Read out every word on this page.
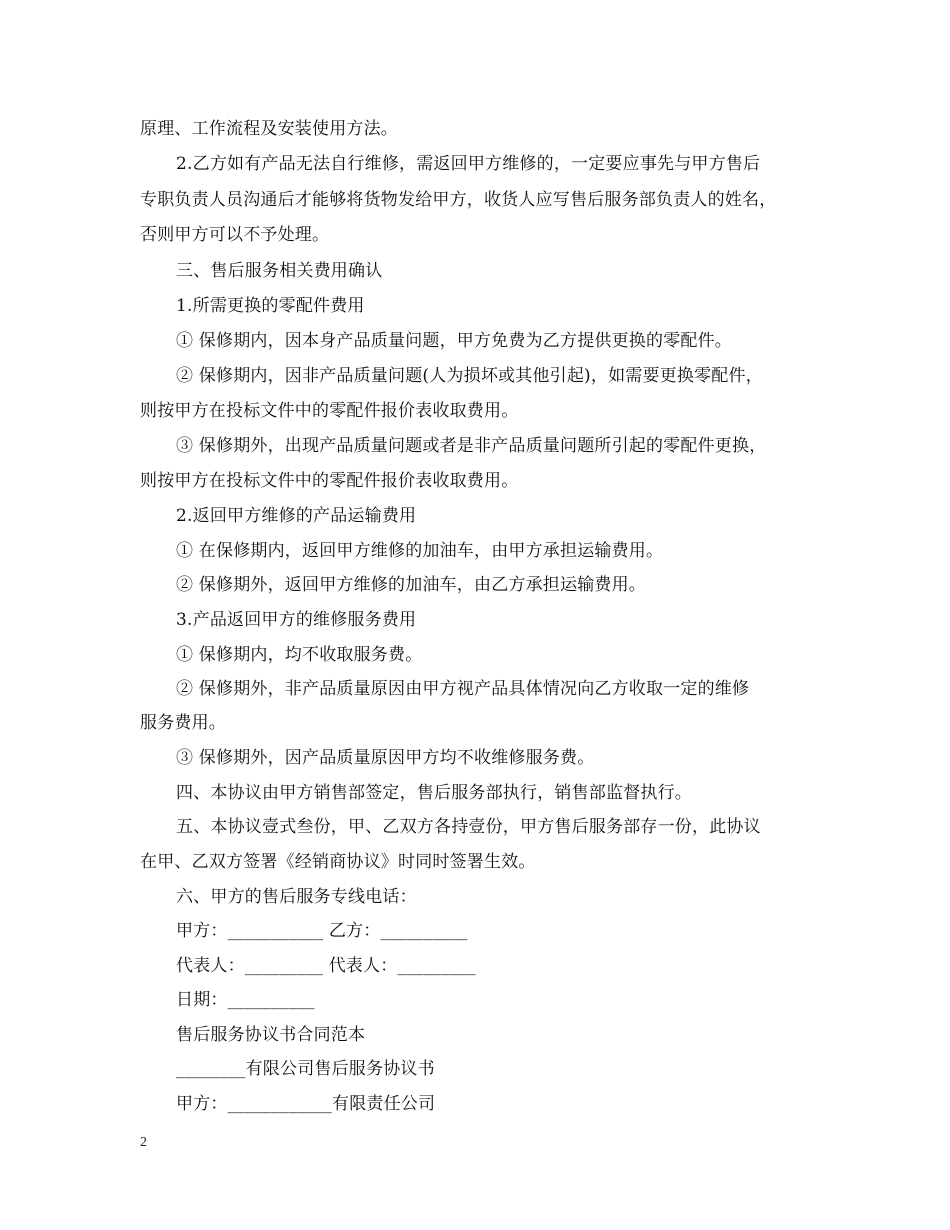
原理、工作流程及安装使用方法。
2.乙方如有产品无法自行维修，需返回甲方维修的，一定要应事先与甲方售后
专职负责人员沟通后才能够将货物发给甲方，收货人应写售后服务部负责人的姓名，
否则甲方可以不予处理。
三、售后服务相关费用确认
1.所需更换的零配件费用
① 保修期内，因本身产品质量问题，甲方免费为乙方提供更换的零配件。
② 保修期内，因非产品质量问题(人为损坏或其他引起)，如需要更换零配件，
则按甲方在投标文件中的零配件报价表收取费用。
③ 保修期外，出现产品质量问题或者是非产品质量问题所引起的零配件更换，
则按甲方在投标文件中的零配件报价表收取费用。
2.返回甲方维修的产品运输费用
① 在保修期内，返回甲方维修的加油车，由甲方承担运输费用。
② 保修期外，返回甲方维修的加油车，由乙方承担运输费用。
3.产品返回甲方的维修服务费用
① 保修期内，均不收取服务费。
② 保修期外，非产品质量原因由甲方视产品具体情况向乙方收取一定的维修
服务费用。
③ 保修期外，因产品质量原因甲方均不收维修服务费。
四、本协议由甲方销售部签定，售后服务部执行，销售部监督执行。
五、本协议壹式叁份，甲、乙双方各持壹份，甲方售后服务部存一份，此协议
在甲、乙双方签署《经销商协议》时同时签署生效。
六、甲方的售后服务专线电话：
甲方：___________ 乙方：__________
代表人：_________ 代表人：_________
日期：__________
售后服务协议书合同范本
________有限公司售后服务协议书
甲方：____________有限责任公司
2
